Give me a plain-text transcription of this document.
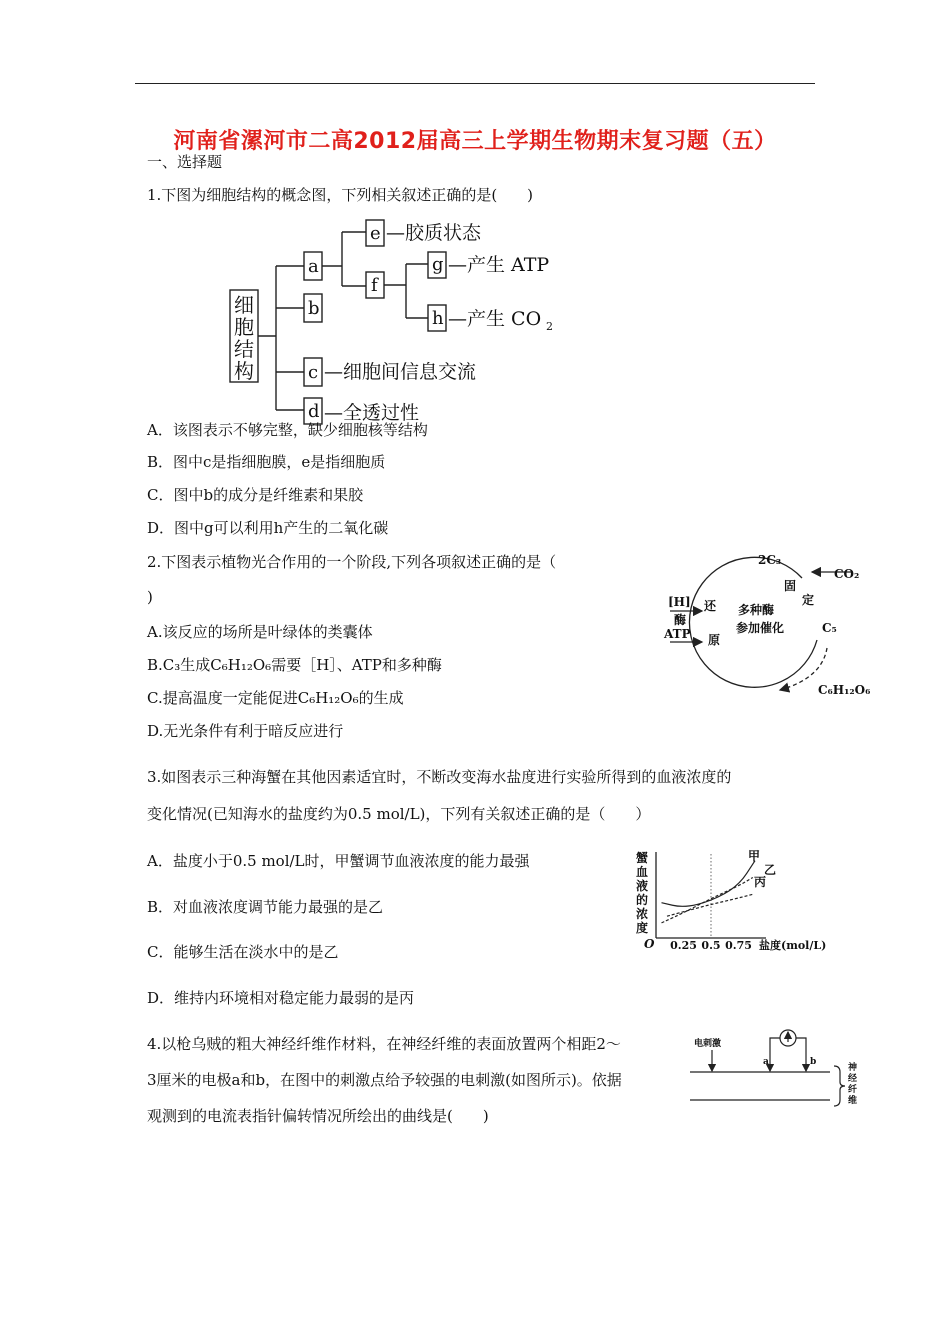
河南省漯河市二高2012届高三上学期生物期末复习题（五）
一、选择题
1.下图为细胞结构的概念图，下列相关叙述正确的是(　　)
细
胞
结
构
a
b
c
d
e
f
g
h
—胶质状态
—产生 ATP
—产生 CO 2
—细胞间信息交流
—全透过性
A．该图表示不够完整，缺少细胞核等结构
B．图中c是指细胞膜，e是指细胞质
C．图中b的成分是纤维素和果胶
D．图中g可以利用h产生的二氧化碳
2.下图表示植物光合作用的一个阶段,下列各项叙述正确的是（
)
A.该反应的场所是叶绿体的类囊体
B.C₃生成C₆H₁₂O₆需要［H］、ATP和多种酶
C.提高温度一定能促进C₆H₁₂O₆的生成
D.无光条件有利于暗反应进行
2C₃
固
定
CO₂
[H]
酶
还
原
ATP
多种酶
参加催化	C₅
C₆H₁₂O₆
3.如图表示三种海蟹在其他因素适宜时，不断改变海水盐度进行实验所得到的血液浓度的
变化情况(已知海水的盐度约为0.5 mol/L)，下列有关叙述正确的是（　　）
A．盐度小于0.5 mol/L时，甲蟹调节血液浓度的能力最强
B．对血液浓度调节能力最强的是乙
C．能够生活在淡水中的是乙
D．维持内环境相对稳定能力最弱的是丙
蟹
血
液
的
浓
度
O	盐度(mol/L)
0.25 0.5 0.75
甲
乙
丙
4.以枪乌贼的粗大神经纤维作材料，在神经纤维的表面放置两个相距2～
3厘米的电极a和b，在图中的刺激点给予较强的电刺激(如图所示)。依据
观测到的电流表指针偏转情况所绘出的曲线是(　　)
电刺激
a	b
神
经
纤
维
